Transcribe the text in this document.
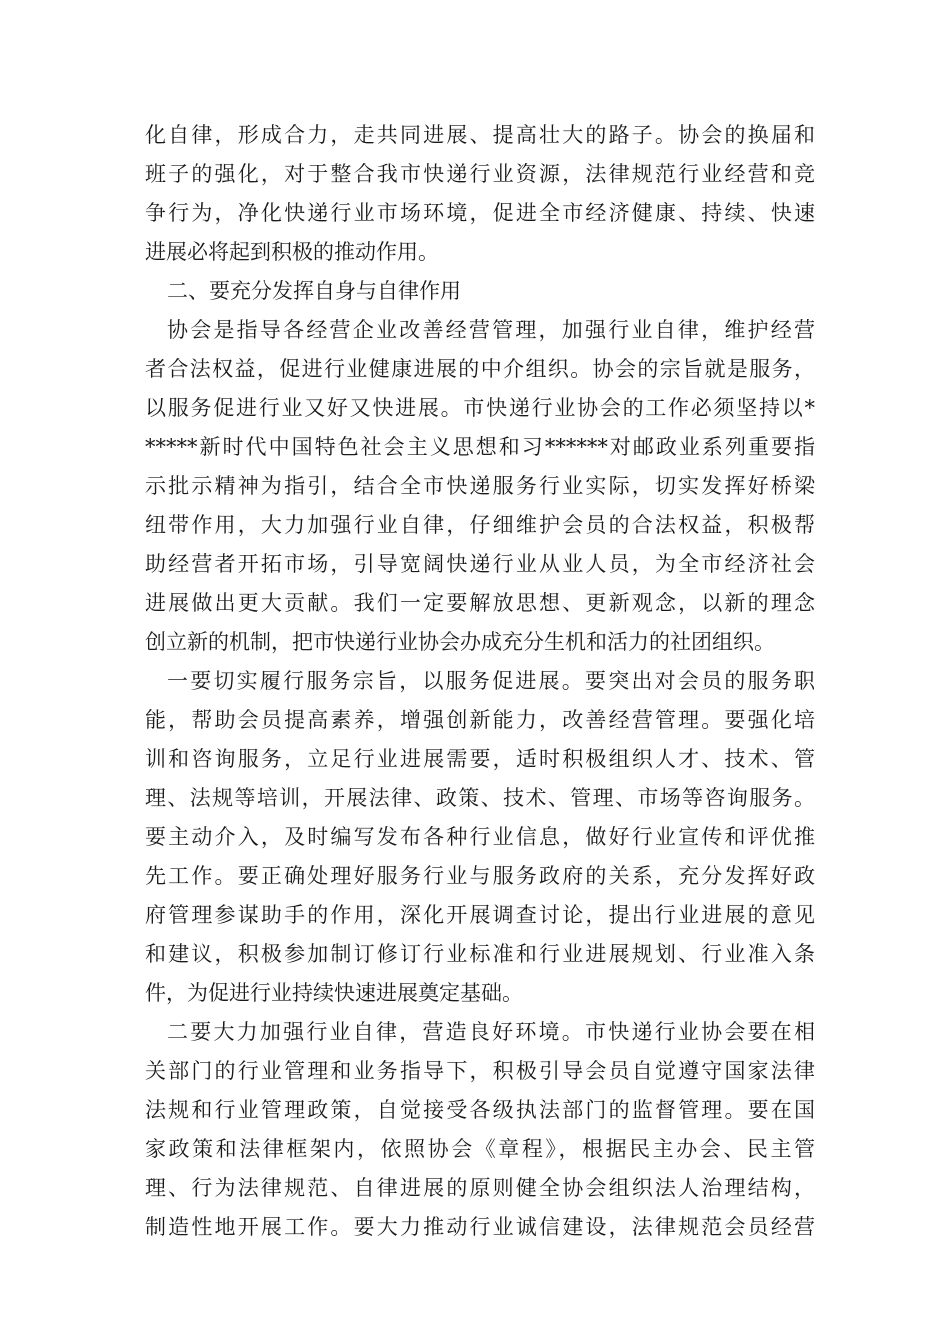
化自律，形成合力，走共同进展、提高壮大的路子。协会的换届和
班子的强化，对于整合我市快递行业资源，法律规范行业经营和竞
争行为，净化快递行业市场环境，促进全市经济健康、持续、快速
进展必将起到积极的推动作用。
二、要充分发挥自身与自律作用
协会是指导各经营企业改善经营管理，加强行业自律，维护经营
者合法权益，促进行业健康进展的中介组织。协会的宗旨就是服务，
以服务促进行业又好又快进展。市快递行业协会的工作必须坚持以*
*****新时代中国特色社会主义思想和习******对邮政业系列重要指
示批示精神为指引，结合全市快递服务行业实际，切实发挥好桥梁
纽带作用，大力加强行业自律，仔细维护会员的合法权益，积极帮
助经营者开拓市场，引导宽阔快递行业从业人员，为全市经济社会
进展做出更大贡献。我们一定要解放思想、更新观念，以新的理念
创立新的机制，把市快递行业协会办成充分生机和活力的社团组织。
一要切实履行服务宗旨，以服务促进展。要突出对会员的服务职
能，帮助会员提高素养，增强创新能力，改善经营管理。要强化培
训和咨询服务，立足行业进展需要，适时积极组织人才、技术、管
理、法规等培训，开展法律、政策、技术、管理、市场等咨询服务。
要主动介入，及时编写发布各种行业信息，做好行业宣传和评优推
先工作。要正确处理好服务行业与服务政府的关系，充分发挥好政
府管理参谋助手的作用，深化开展调查讨论，提出行业进展的意见
和建议，积极参加制订修订行业标准和行业进展规划、行业准入条
件，为促进行业持续快速进展奠定基础。
二要大力加强行业自律，营造良好环境。市快递行业协会要在相
关部门的行业管理和业务指导下，积极引导会员自觉遵守国家法律
法规和行业管理政策，自觉接受各级执法部门的监督管理。要在国
家政策和法律框架内，依照协会《章程》，根据民主办会、民主管
理、行为法律规范、自律进展的原则健全协会组织法人治理结构，
制造性地开展工作。要大力推动行业诚信建设，法律规范会员经营
